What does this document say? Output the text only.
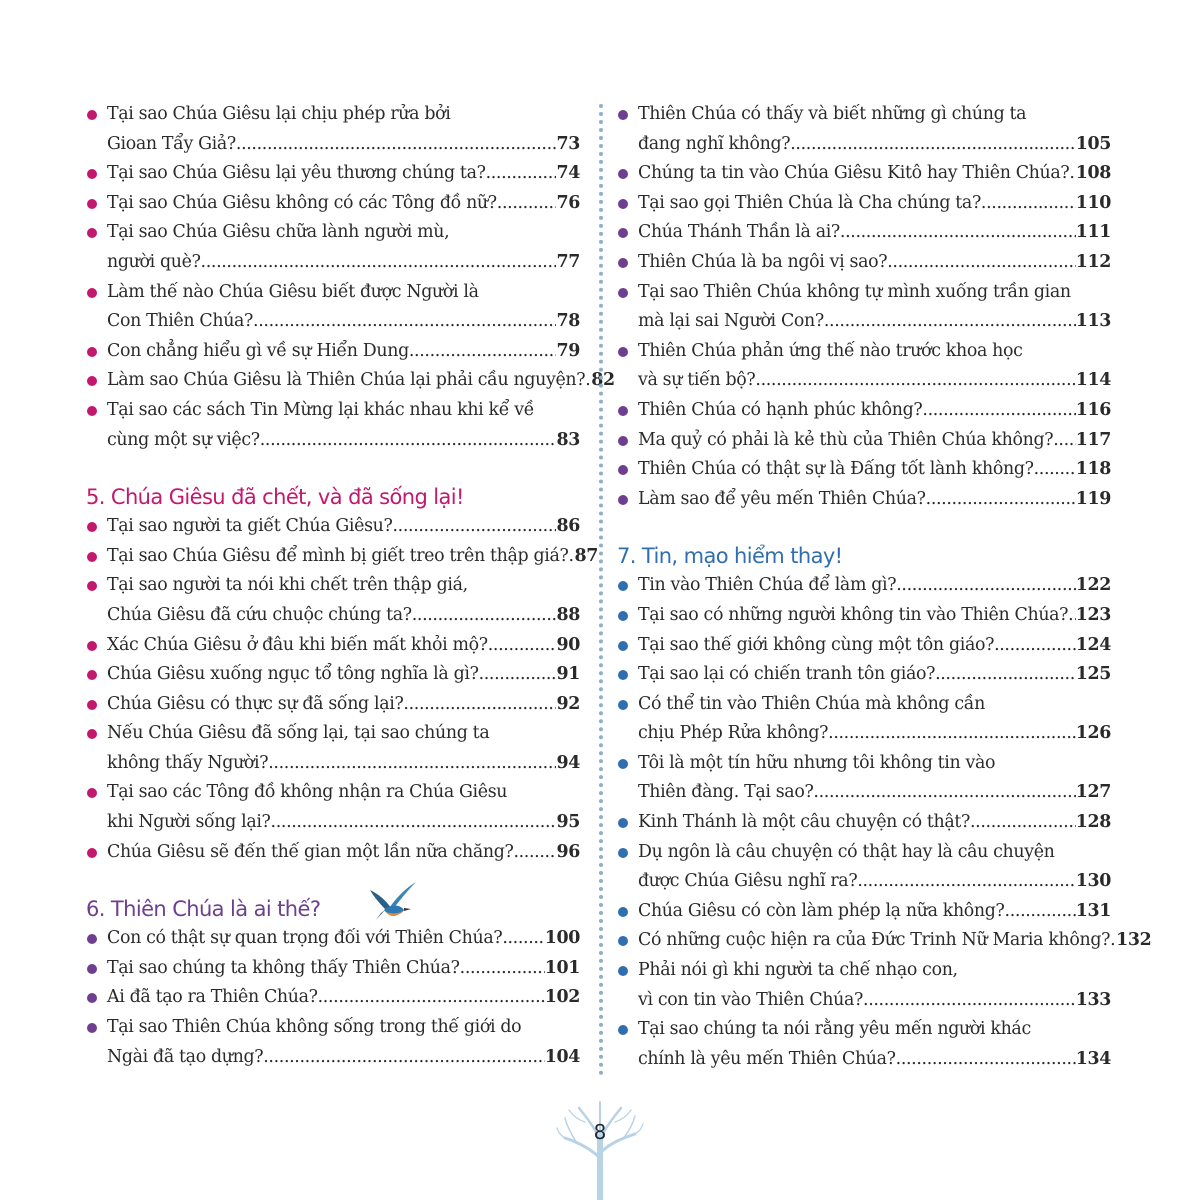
Tại sao Chúa Giêsu lại chịu phép rửa bởi
Gioan Tẩy Giả? .....	73
Tại sao Chúa Giêsu lại yêu thương chúng ta? .....	74
Tại sao Chúa Giêsu không có các Tông đồ nữ? .....	76
Tại sao Chúa Giêsu chữa lành người mù,
người què? .....	77
Làm thế nào Chúa Giêsu biết được Người là
Con Thiên Chúa? .....	78
Con chẳng hiểu gì về sự Hiển Dung .....	79
Làm sao Chúa Giêsu là Thiên Chúa lại phải cầu nguyện? ..... 82
Tại sao các sách Tin Mừng lại khác nhau khi kể về
cùng một sự việc? .....	83
5. Chúa Giêsu đã chết, và đã sống lại!
Tại sao người ta giết Chúa Giêsu? .....	86
Tại sao Chúa Giêsu để mình bị giết treo trên thập giá? ..... 87
Tại sao người ta nói khi chết trên thập giá,
Chúa Giêsu đã cứu chuộc chúng ta? .....	88
Xác Chúa Giêsu ở đâu khi biến mất khỏi mộ? .....	90
Chúa Giêsu xuống ngục tổ tông nghĩa là gì? .....	91
Chúa Giêsu có thực sự đã sống lại? .....	92
Nếu Chúa Giêsu đã sống lại, tại sao chúng ta
không thấy Người? .....	94
Tại sao các Tông đồ không nhận ra Chúa Giêsu
khi Người sống lại? .....	95
Chúa Giêsu sẽ đến thế gian một lần nữa chăng? ..... 96
6. Thiên Chúa là ai thế?
Con có thật sự quan trọng đối với Thiên Chúa? ..... 100
Tại sao chúng ta không thấy Thiên Chúa? .....	101
Ai đã tạo ra Thiên Chúa? .....	102
Tại sao Thiên Chúa không sống trong thế giới do
Ngài đã tạo dựng? .....	104
Thiên Chúa có thấy và biết những gì chúng ta
đang nghĩ không? .....	105
Chúng ta tin vào Chúa Giêsu Kitô hay Thiên Chúa? ..... 108
Tại sao gọi Thiên Chúa là Cha chúng ta? .....	110
Chúa Thánh Thần là ai? .....	111
Thiên Chúa là ba ngôi vị sao? .....	112
Tại sao Thiên Chúa không tự mình xuống trần gian
mà lại sai Người Con? .....	113
Thiên Chúa phản ứng thế nào trước khoa học
và sự tiến bộ? .....	114
Thiên Chúa có hạnh phúc không? .....	116
Ma quỷ có phải là kẻ thù của Thiên Chúa không? ..... 117
Thiên Chúa có thật sự là Đấng tốt lành không? ..... 118
Làm sao để yêu mến Thiên Chúa? .....	119
7. Tin, mạo hiểm thay!
Tin vào Thiên Chúa để làm gì? .....	122
Tại sao có những người không tin vào Thiên Chúa? ..... 123
Tại sao thế giới không cùng một tôn giáo? .....	124
Tại sao lại có chiến tranh tôn giáo? .....	125
Có thể tin vào Thiên Chúa mà không cần
chịu Phép Rửa không? .....	126
Tôi là một tín hữu nhưng tôi không tin vào
Thiên đàng. Tại sao? .....	127
Kinh Thánh là một câu chuyện có thật? .....	128
Dụ ngôn là câu chuyện có thật hay là câu chuyện
được Chúa Giêsu nghĩ ra? .....	130
Chúa Giêsu có còn làm phép lạ nữa không? .....	131
Có những cuộc hiện ra của Đức Trinh Nữ Maria không? ..... 132
Phải nói gì khi người ta chế nhạo con,
vì con tin vào Thiên Chúa? .....	133
Tại sao chúng ta nói rằng yêu mến người khác
chính là yêu mến Thiên Chúa? .....	134
8
